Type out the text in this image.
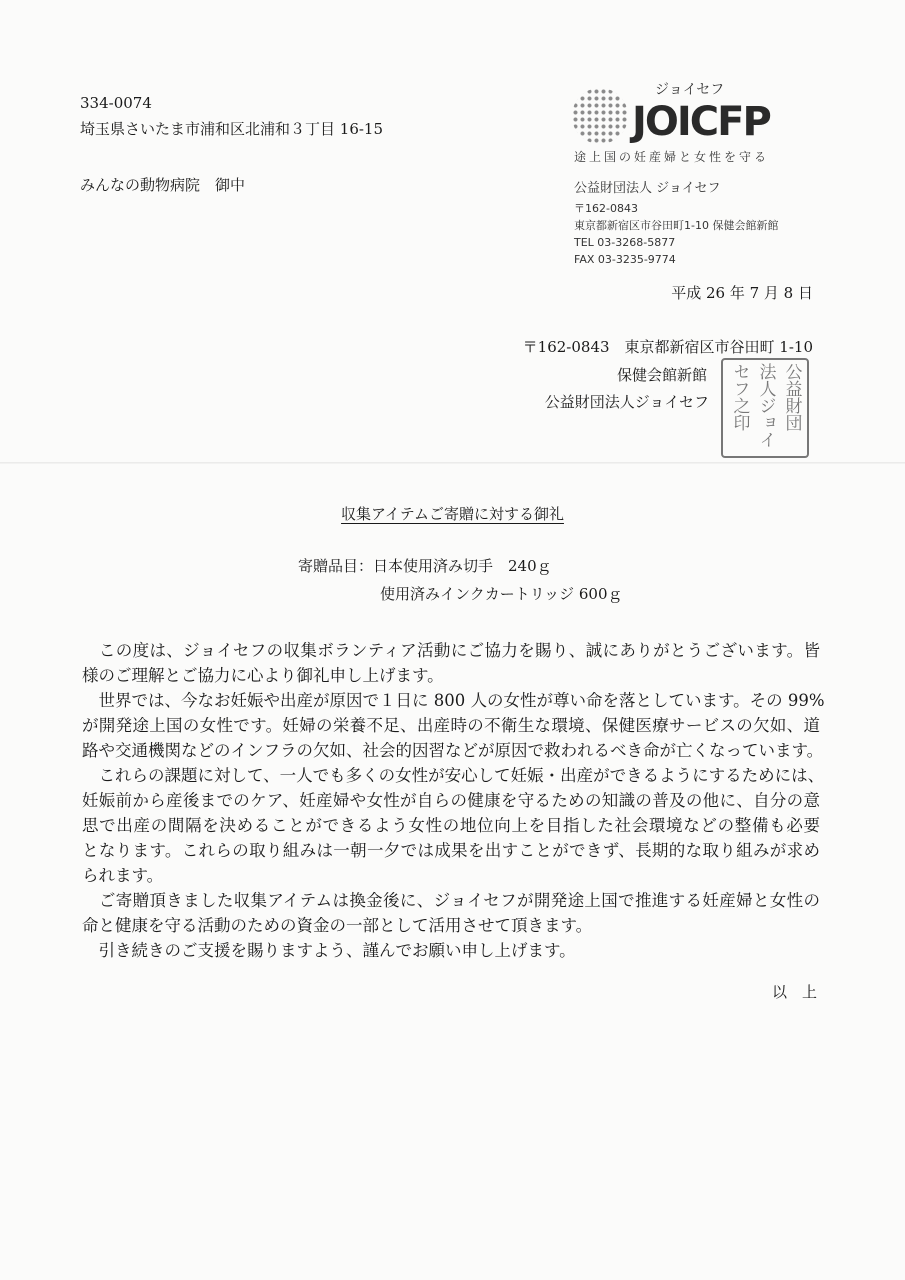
334-0074
埼玉県さいたま市浦和区北浦和３丁目 16-15
みんなの動物病院　御中
ジョイセフ
JOICFP
途上国の妊産婦と女性を守る
公益財団法人 ジョイセフ
〒162-0843
東京都新宿区市谷田町1-10 保健会館新館
TEL 03-3268-5877
FAX 03-3235-9774
平成 26 年 7 月 8 日
〒162-0843　東京都新宿区市谷田町 1-10
保健会館新館
公益財団法人ジョイセフ	公益財団
法人ジョイ
セフ之印
収集アイテムご寄贈に対する御礼
寄贈品目：日本使用済み切手　240ｇ
使用済みインクカートリッジ 600ｇ
　この度は、ジョイセフの収集ボランティア活動にご協力を賜り、誠にありがとうございます。皆
様のご理解とご協力に心より御礼申し上げます。
　世界では、今なお妊娠や出産が原因で１日に 800 人の女性が尊い命を落としています。その 99%
が開発途上国の女性です。妊婦の栄養不足、出産時の不衛生な環境、保健医療サービスの欠如、道
路や交通機関などのインフラの欠如、社会的因習などが原因で救われるべき命が亡くなっています。
　これらの課題に対して、一人でも多くの女性が安心して妊娠・出産ができるようにするためには、
妊娠前から産後までのケア、妊産婦や女性が自らの健康を守るための知識の普及の他に、自分の意
思で出産の間隔を決めることができるよう女性の地位向上を目指した社会環境などの整備も必要
となります。これらの取り組みは一朝一夕では成果を出すことができず、長期的な取り組みが求め
られます。
　ご寄贈頂きました収集アイテムは換金後に、ジョイセフが開発途上国で推進する妊産婦と女性の
命と健康を守る活動のための資金の一部として活用させて頂きます。
　引き続きのご支援を賜りますよう、謹んでお願い申し上げます。
以　上
